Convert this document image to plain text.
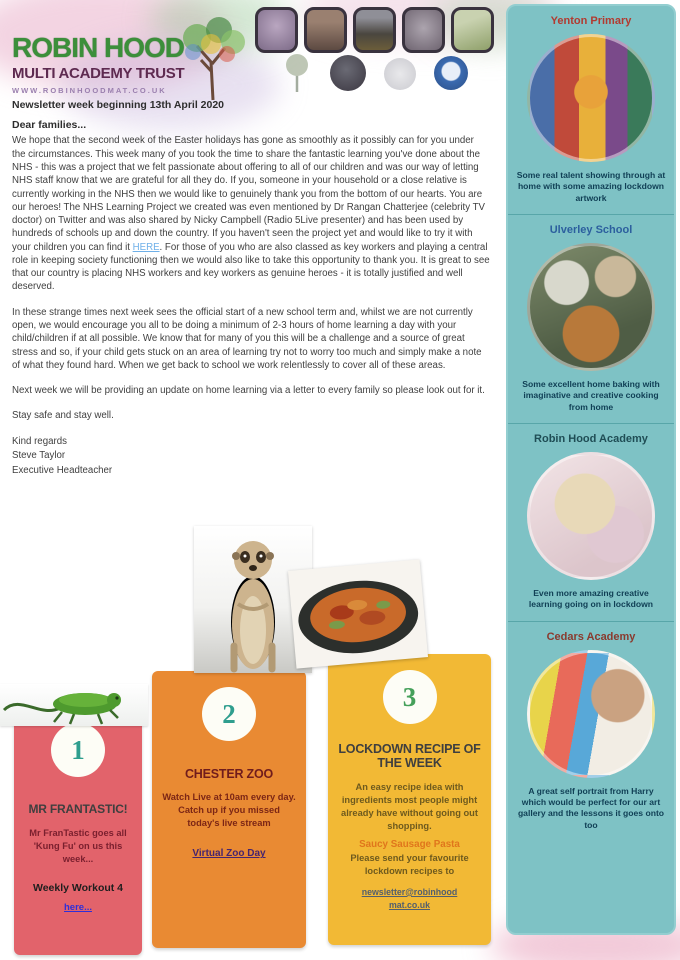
ROBIN HOOD
MULTI ACADEMY TRUST
WWW.ROBINHOODMAT.CO.UK
Newsletter week beginning 13th April 2020
Dear families...

We hope that the second week of the Easter holidays has gone as smoothly as it possibly can for you under the circumstances. This week many of you took the time to share the fantastic learning you've done about the NHS - this was a project that we felt passionate about offering to all of our children and was our way of letting NHS staff know that we are grateful for all they do. If you, someone in your household or a close relative is currently working in the NHS then we would like to genuinely thank you from the bottom of our hearts. You are our heroes! The NHS Learning Project we created was even mentioned by Dr Rangan Chatterjee (celebrity TV doctor) on Twitter and was also shared by Nicky Campbell (Radio 5Live presenter) and has been used by hundreds of schools up and down the country. If you haven't seen the project yet and would like to try it with your children you can find it HERE. For those of you who are also classed as key workers and playing a central role in keeping society functioning then we would also like to take this opportunity to thank you. It is great to see that our country is placing NHS workers and key workers as genuine heroes - it is totally justified and well deserved.

In these strange times next week sees the official start of a new school term and, whilst we are not currently open, we would encourage you all to be doing a minimum of 2-3 hours of home learning a day with your child/children if at all possible. We know that for many of you this will be a challenge and a source of great stress and so, if your child gets stuck on an area of learning try not to worry too much and simply make a note of what they found hard. When we get back to school we work relentlessly to cover all of these areas.

Next week we will be providing an update on home learning via a letter to every family so please look out for it.

Stay safe and stay well.

Kind regards
Steve Taylor
Executive Headteacher
Yenton Primary
Some real talent showing through at home with some amazing lockdown artwork
Ulverley School
Some excellent home baking with imaginative and creative cooking from home
Robin Hood Academy
Even more amazing creative learning going on in lockdown
Cedars Academy
A great self portrait from Harry which would be perfect for our art gallery and the lessons it goes onto too
1
MR FRANTASTIC!
Mr FranTastic goes all 'Kung Fu' on us this week...
Weekly Workout 4
here...
2
CHESTER ZOO
Watch Live at 10am every day. Catch up if you missed today's live stream
Virtual Zoo Day
3
LOCKDOWN RECIPE OF THE WEEK
An easy recipe idea with ingredients most people might already have without going out shopping.
Saucy Sausage Pasta
Please send your favourite lockdown recipes to
newsletter@robinhood
mat.co.uk
